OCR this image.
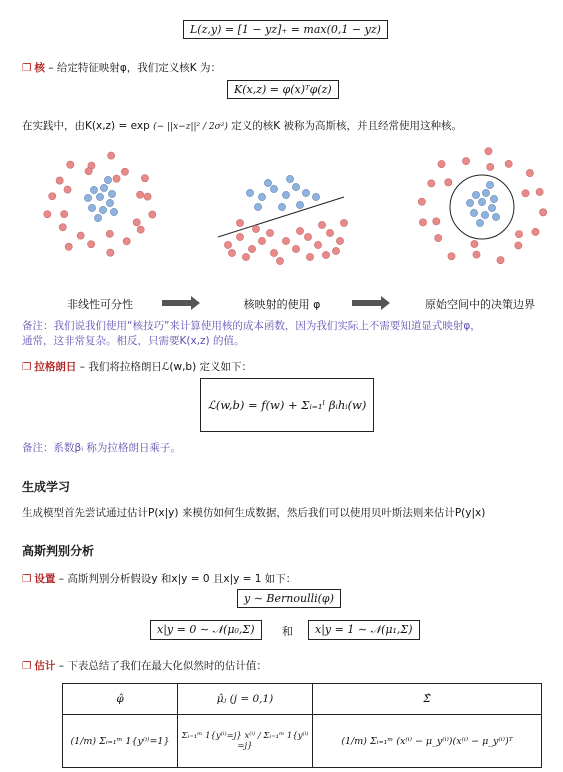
L(z,y) = [1 − yz]₊ = max(0,1 − yz)
❐ 核 – 给定特征映射φ，我们定义核K 为：
K(x,z) = φ(x)ᵀφ(z)
在实践中，由K(x,z) = exp (− ||x−z||² / 2σ²) 定义的核K 被称为高斯核，并且经常使用这种核。
非线性可分性	核映射的使用 φ	原始空间中的决策边界
备注：我们说我们使用“核技巧”来计算使用核的成本函数，因为我们实际上不需要知道显式映射φ，
通常，这非常复杂。相反，只需要K(x,z) 的值。
❐ 拉格朗日 – 我们将拉格朗日ℒ(w,b) 定义如下：
ℒ(w,b) = f(w) + Σᵢ₌₁ˡ βᵢhᵢ(w)
备注：系数βᵢ 称为拉格朗日乘子。
生成学习
生成模型首先尝试通过估计P(x|y) 来模仿如何生成数据，然后我们可以使用贝叶斯法则来估计P(y|x)
高斯判别分析
❐ 设置 – 高斯判别分析假设y 和x|y = 0 且x|y = 1 如下：
y ∼ Bernoulli(φ)
x|y = 0 ∼ 𝒩(μ₀,Σ)	和	x|y = 1 ∼ 𝒩(μ₁,Σ)
❐ 估计 – 下表总结了我们在最大化似然时的估计值：
φ̂	μ̂ⱼ (j = 0,1)	Σ̂
(1/m) Σᵢ₌₁ᵐ 1{y⁽ⁱ⁾=1}	Σᵢ₌₁ᵐ 1{y⁽ⁱ⁾=j} x⁽ⁱ⁾ / Σᵢ₌₁ᵐ 1{y⁽ⁱ⁾=j}	(1/m) Σᵢ₌₁ᵐ (x⁽ⁱ⁾ − μ_y⁽ⁱ⁾)(x⁽ⁱ⁾ − μ_y⁽ⁱ⁾)ᵀ
